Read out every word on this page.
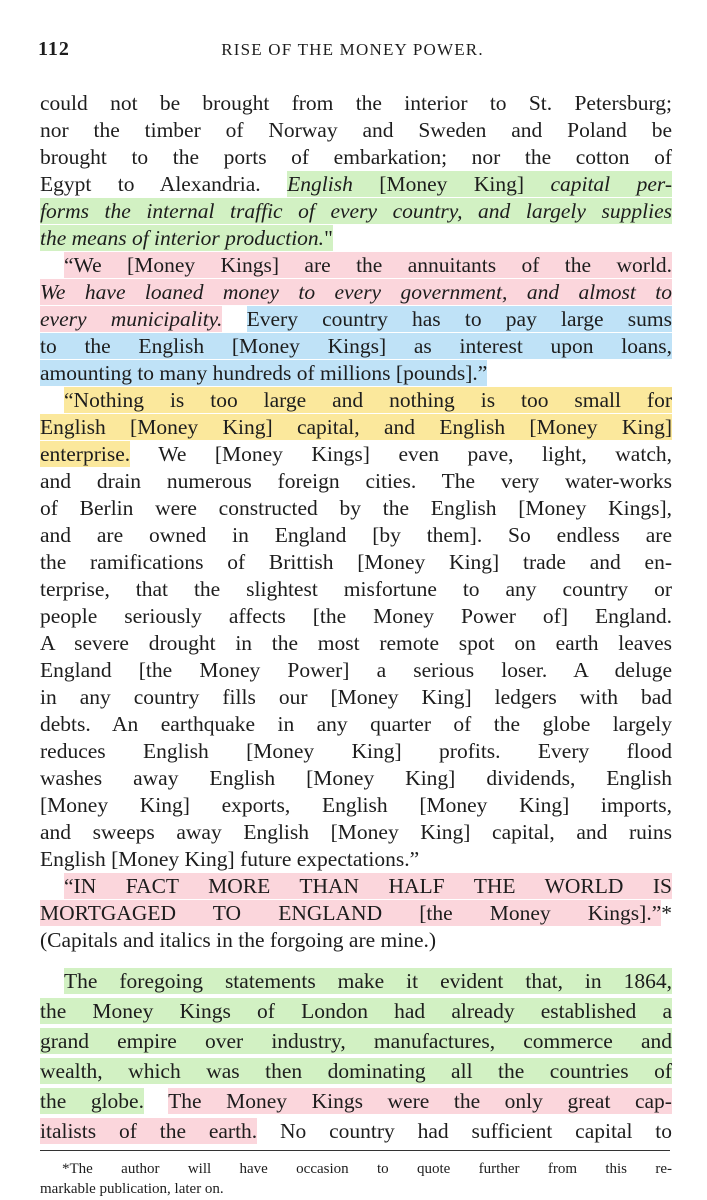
112	RISE OF THE MONEY POWER.
could not be brought from the interior to St. Petersburg;
nor the timber of Norway and Sweden and Poland be
brought to the ports of embarkation; nor the cotton of
Egypt to Alexandria. English [Money King] capital per-
forms the internal traffic of every country, and largely supplies
the means of interior production."
“We [Money Kings] are the annuitants of the world.
We have loaned money to every government, and almost to
every municipality. Every country has to pay large sums
to the English [Money Kings] as interest upon loans,
amounting to many hundreds of millions [pounds].”
“Nothing is too large and nothing is too small for
English [Money King] capital, and English [Money King]
enterprise. We [Money Kings] even pave, light, watch,
and drain numerous foreign cities. The very water-works
of Berlin were constructed by the English [Money Kings],
and are owned in England [by them]. So endless are
the ramifications of Brittish [Money King] trade and en-
terprise, that the slightest misfortune to any country or
people seriously affects [the Money Power of] England.
A severe drought in the most remote spot on earth leaves
England [the Money Power] a serious loser. A deluge
in any country fills our [Money King] ledgers with bad
debts. An earthquake in any quarter of the globe largely
reduces English [Money King] profits. Every flood
washes away English [Money King] dividends, English
[Money King] exports, English [Money King] imports,
and sweeps away English [Money King] capital, and ruins
English [Money King] future expectations.”
“IN FACT MORE THAN HALF THE WORLD IS
MORTGAGED TO ENGLAND [the Money Kings].”*
(Capitals and italics in the forgoing are mine.)
The foregoing statements make it evident that, in 1864,
the Money Kings of London had already established a
grand empire over industry, manufactures, commerce and
wealth, which was then dominating all the countries of
the globe. The Money Kings were the only great cap-
italists of the earth. No country had sufficient capital to
*The author will have occasion to quote further from this re-
markable publication, later on.
